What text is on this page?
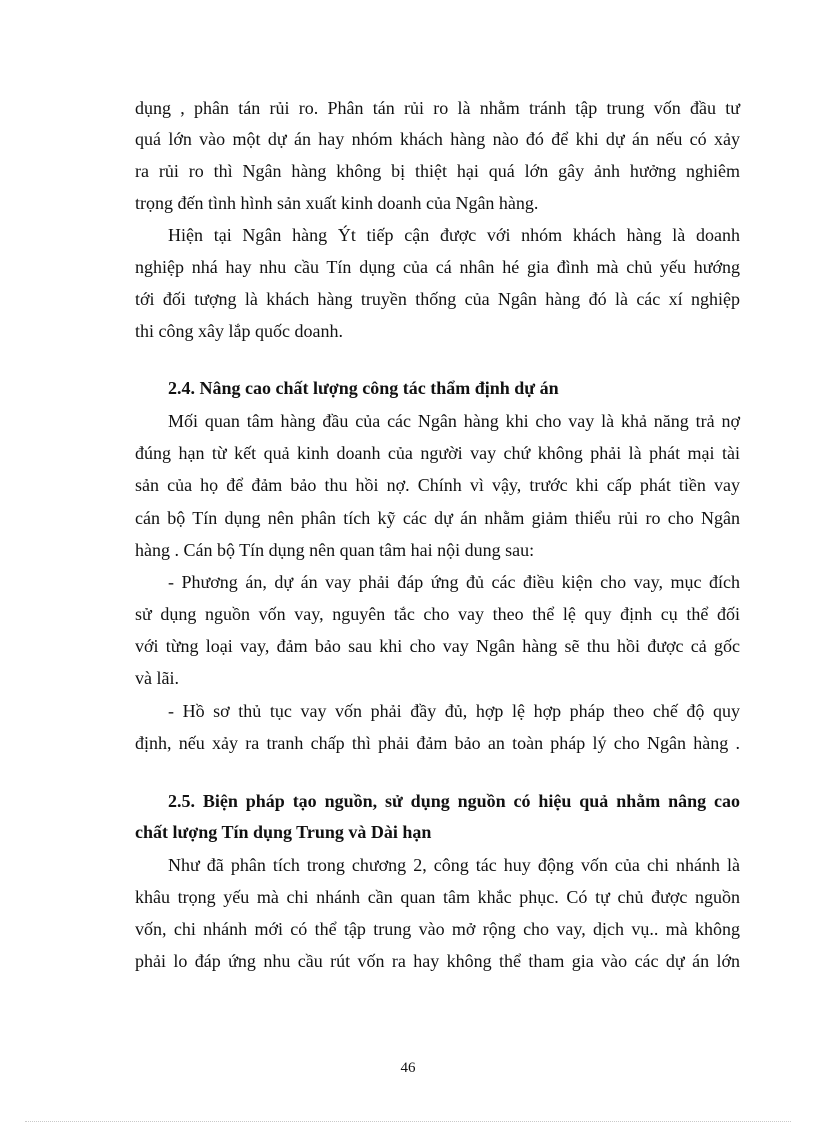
dụng , phân tán rủi ro. Phân tán rủi ro là nhằm tránh tập trung vốn đầu tư
quá lớn vào một dự án hay nhóm khách hàng nào đó để khi dự án nếu có xảy
ra rủi ro thì Ngân hàng không bị thiệt hại quá lớn gây ảnh hưởng nghiêm
trọng đến tình hình sản xuất kinh doanh của Ngân hàng.
Hiện tại Ngân hàng Ýt tiếp cận được với nhóm khách hàng là doanh
nghiệp nhá hay nhu cầu Tín dụng của cá nhân hé gia đình mà chủ yếu hướng
tới đối tượng là khách hàng truyền thống của Ngân hàng đó là các xí nghiệp
thi công xây lắp quốc doanh.
2.4. Nâng cao chất lượng công tác thẩm định dự án
Mối quan tâm hàng đầu của các Ngân hàng khi cho vay là khả năng trả nợ
đúng hạn từ kết quả kinh doanh của người vay chứ không phải là phát mại tài
sản của họ để đảm bảo thu hồi nợ. Chính vì vậy, trước khi cấp phát tiền vay
cán bộ Tín dụng nên phân tích kỹ các dự án nhằm giảm thiểu rủi ro cho Ngân
hàng . Cán bộ Tín dụng nên quan tâm hai nội dung sau:
- Phương án, dự án vay phải đáp ứng đủ các điều kiện cho vay, mục đích
sử dụng nguồn vốn vay, nguyên tắc cho vay theo thể lệ quy định cụ thể đối
với từng loại vay, đảm bảo sau khi cho vay Ngân hàng sẽ thu hồi được cả gốc
và lãi.
- Hồ sơ thủ tục vay vốn phải đầy đủ, hợp lệ hợp pháp theo chế độ quy
định, nếu xảy ra tranh chấp thì phải đảm bảo an toàn pháp lý cho Ngân hàng .
2.5. Biện pháp tạo nguồn, sử dụng nguồn có hiệu quả nhằm nâng cao
chất lượng Tín dụng Trung và Dài hạn
Như đã phân tích trong chương 2, công tác huy động vốn của chi nhánh là
khâu trọng yếu mà chi nhánh cần quan tâm khắc phục. Có tự chủ được nguồn
vốn, chi nhánh mới có thể tập trung vào mở rộng cho vay, dịch vụ.. mà không
phải lo đáp ứng nhu cầu rút vốn ra hay không thể tham gia vào các dự án lớn
46
